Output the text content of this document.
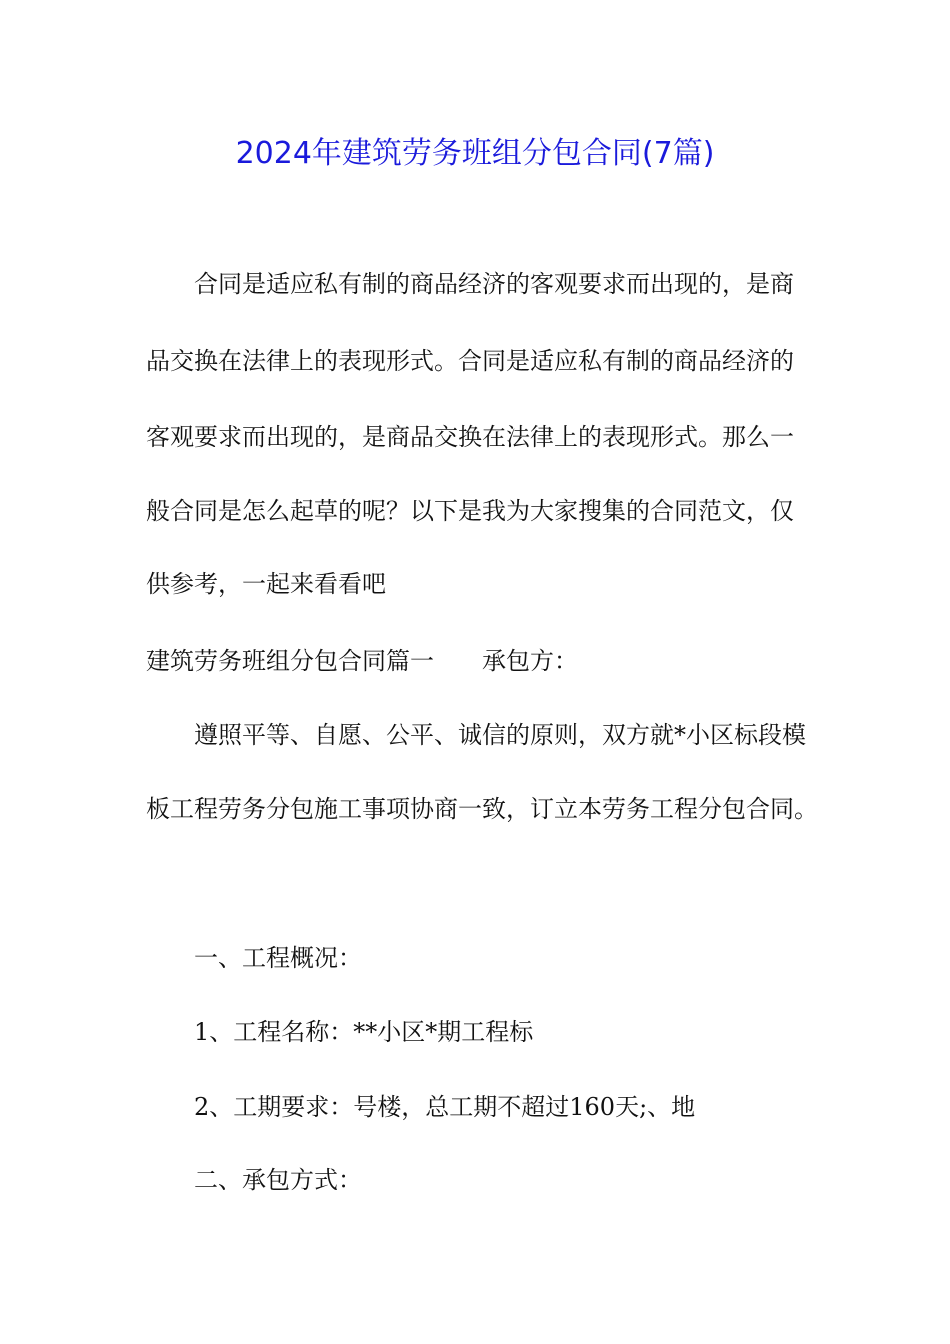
2024年建筑劳务班组分包合同(7篇)

合同是适应私有制的商品经济的客观要求而出现的，是商

品交换在法律上的表现形式。合同是适应私有制的商品经济的

客观要求而出现的，是商品交换在法律上的表现形式。那么一

般合同是怎么起草的呢？以下是我为大家搜集的合同范文，仅

供参考，一起来看看吧

建筑劳务班组分包合同篇一 承包方：

遵照平等、自愿、公平、诚信的原则，双方就*小区标段模

板工程劳务分包施工事项协商一致，订立本劳务工程分包合同。

一、工程概况：

1、工程名称：**小区*期工程标

2、工期要求：号楼，总工期不超过160天;、地

二、承包方式：
